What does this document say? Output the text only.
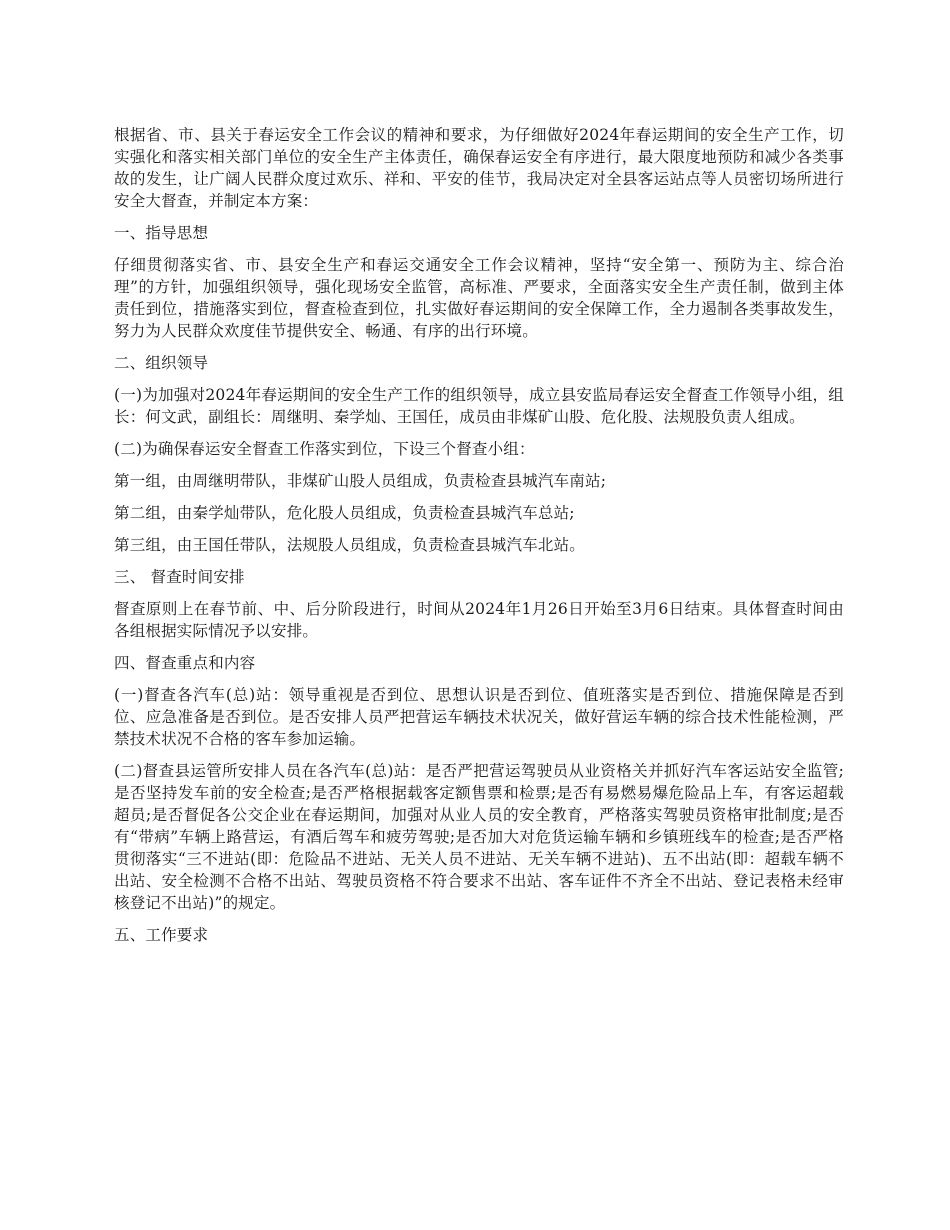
根据省、市、县关于春运安全工作会议的精神和要求，为仔细做好2024年春运期间的安全生产工作，切实强化和落实相关部门单位的安全生产主体责任，确保春运安全有序进行，最大限度地预防和减少各类事故的发生，让广阔人民群众度过欢乐、祥和、平安的佳节，我局决定对全县客运站点等人员密切场所进行安全大督查，并制定本方案：

一、指导思想

仔细贯彻落实省、市、县安全生产和春运交通安全工作会议精神，坚持“安全第一、预防为主、综合治理”的方针，加强组织领导，强化现场安全监管，高标准、严要求，全面落实安全生产责任制，做到主体责任到位，措施落实到位，督查检查到位，扎实做好春运期间的安全保障工作，全力遏制各类事故发生，努力为人民群众欢度佳节提供安全、畅通、有序的出行环境。

二、组织领导

(一)为加强对2024年春运期间的安全生产工作的组织领导，成立县安监局春运安全督查工作领导小组，组长：何文武，副组长：周继明、秦学灿、王国任，成员由非煤矿山股、危化股、法规股负责人组成。

(二)为确保春运安全督查工作落实到位，下设三个督查小组：

第一组，由周继明带队，非煤矿山股人员组成，负责检查县城汽车南站;

第二组，由秦学灿带队，危化股人员组成，负责检查县城汽车总站;

第三组，由王国任带队，法规股人员组成，负责检查县城汽车北站。

三、 督查时间安排

督查原则上在春节前、中、后分阶段进行，时间从2024年1月26日开始至3月6日结束。具体督查时间由各组根据实际情况予以安排。

四、督查重点和内容

(一)督查各汽车(总)站：领导重视是否到位、思想认识是否到位、值班落实是否到位、措施保障是否到位、应急准备是否到位。是否安排人员严把营运车辆技术状况关，做好营运车辆的综合技术性能检测，严禁技术状况不合格的客车参加运输。

(二)督查县运管所安排人员在各汽车(总)站：是否严把营运驾驶员从业资格关并抓好汽车客运站安全监管;是否坚持发车前的安全检查;是否严格根据载客定额售票和检票;是否有易燃易爆危险品上车，有客运超载超员;是否督促各公交企业在春运期间，加强对从业人员的安全教育，严格落实驾驶员资格审批制度;是否有“带病”车辆上路营运，有酒后驾车和疲劳驾驶;是否加大对危货运输车辆和乡镇班线车的检查;是否严格贯彻落实“三不进站(即：危险品不进站、无关人员不进站、无关车辆不进站)、五不出站(即：超载车辆不出站、安全检测不合格不出站、驾驶员资格不符合要求不出站、客车证件不齐全不出站、登记表格未经审核登记不出站)”的规定。

五、工作要求
